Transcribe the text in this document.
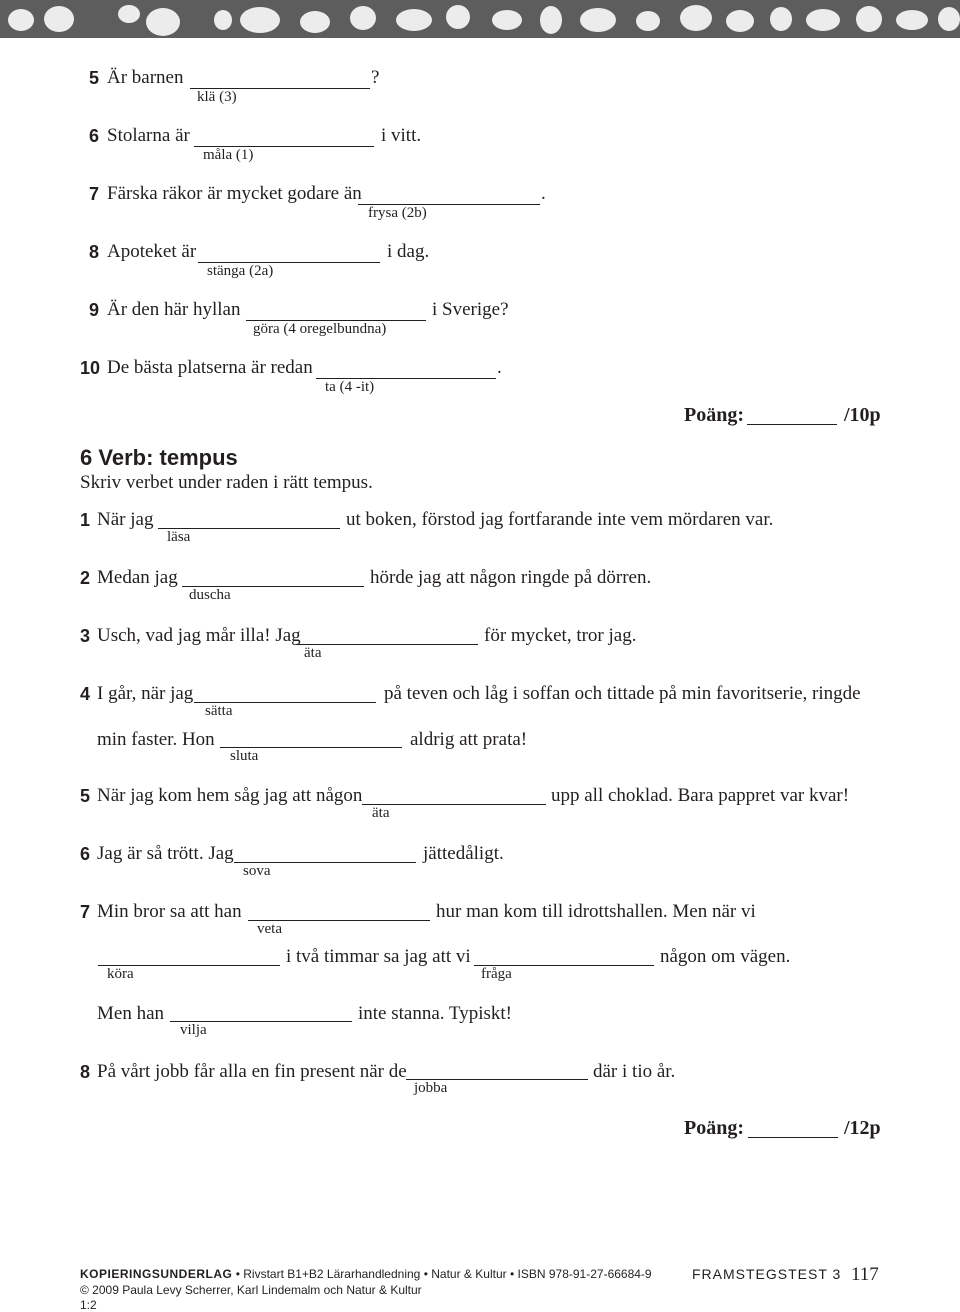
5 Är barnen	?
klä (3)
6 Stolarna är	i vitt.
måla (1)
7 Färska räkor är mycket godare än	.
frysa (2b)
8 Apoteket är	i dag.
stänga (2a)
9 Är den här hyllan	i Sverige?
göra (4 oregelbundna)
10 De bästa platserna är redan	.
ta (4 -it)
Poäng:	/10p
6 Verb: tempus
Skriv verbet under raden i rätt tempus.
1 När jag	ut boken, förstod jag fortfarande inte vem mördaren var.
läsa
2 Medan jag	hörde jag att någon ringde på dörren.
duscha
3 Usch, vad jag mår illa! Jag	för mycket, tror jag.
äta
4 I går, när jag	på teven och låg i soffan och tittade på min favoritserie, ringde
sätta
min faster. Hon	aldrig att prata!
sluta
5 När jag kom hem såg jag att någon	upp all choklad. Bara pappret var kvar!
äta
6 Jag är så trött. Jag	jättedåligt.
sova
7 Min bror sa att han	hur man kom till idrottshallen. Men när vi
veta
i två timmar sa jag att vi	någon om vägen.
köra	fråga
Men han	inte stanna. Typiskt!
vilja
8 På vårt jobb får alla en fin present när de	där i tio år.
jobba
Poäng:	/12p
KOPIERINGSUNDERLAG • Rivstart B1+B2 Lärarhandledning • Natur & Kultur • ISBN 978-91-27-66684-9
© 2009 Paula Levy Scherrer, Karl Lindemalm och Natur & Kultur
1:2
FRAMSTEGSTEST 3 117
